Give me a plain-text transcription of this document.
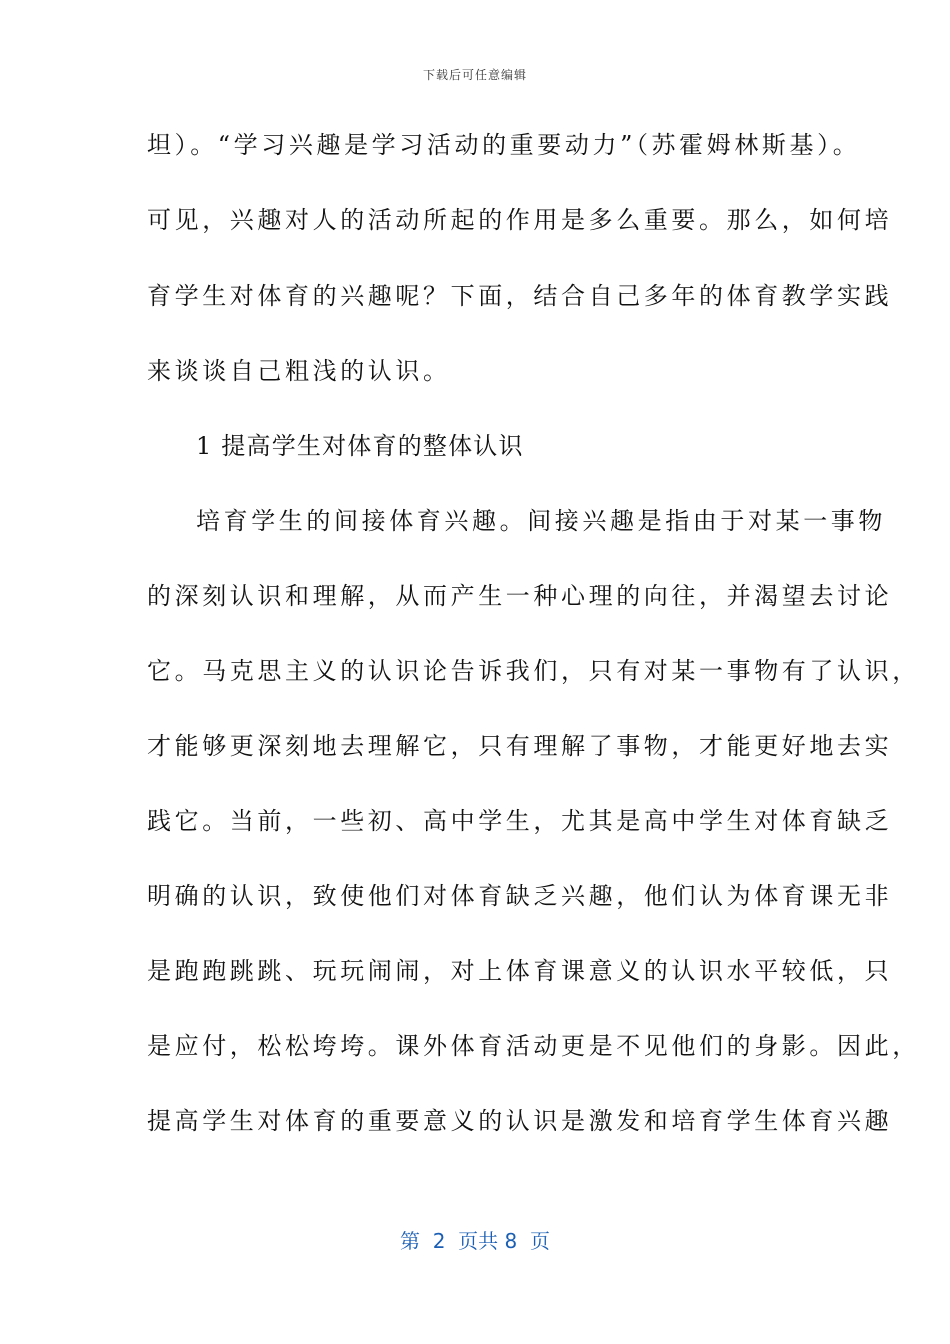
下载后可任意编辑
坦）。“学习兴趣是学习活动的重要动力”（苏霍姆林斯基）。
可见，兴趣对人的活动所起的作用是多么重要。那么，如何培
育学生对体育的兴趣呢？下面，结合自己多年的体育教学实践
来谈谈自己粗浅的认识。
1 提高学生对体育的整体认识
培育学生的间接体育兴趣。间接兴趣是指由于对某一事物
的深刻认识和理解，从而产生一种心理的向往，并渴望去讨论
它。马克思主义的认识论告诉我们，只有对某一事物有了认识，
才能够更深刻地去理解它，只有理解了事物，才能更好地去实
践它。当前，一些初、高中学生，尤其是高中学生对体育缺乏
明确的认识，致使他们对体育缺乏兴趣，他们认为体育课无非
是跑跑跳跳、玩玩闹闹，对上体育课意义的认识水平较低，只
是应付，松松垮垮。课外体育活动更是不见他们的身影。因此，
提高学生对体育的重要意义的认识是激发和培育学生体育兴趣
第  2  页共 8  页
